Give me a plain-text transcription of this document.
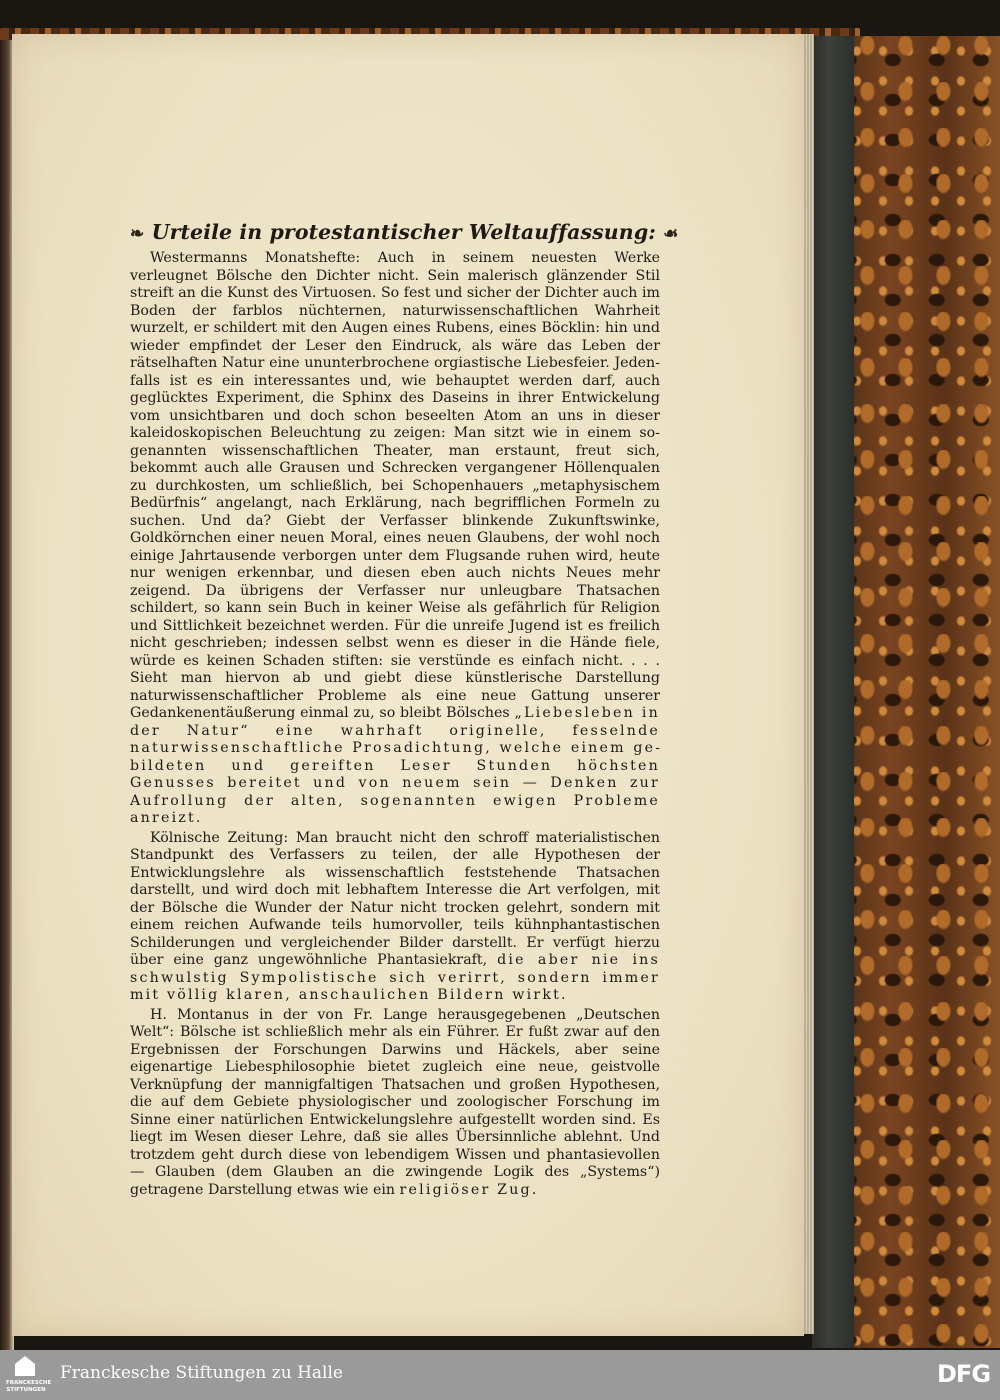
❧ Urteile in protestantischer Weltauffassung: ☙

Westermanns Monatshefte: Auch in seinem neuesten Werke verleugnet Bölsche den Dichter nicht. Sein malerisch glänzender Stil streift an die Kunst des Virtuosen. So fest und sicher der Dichter auch im Boden der farblos nüchternen, naturwissenschaftlichen Wahrheit wurzelt, er schildert mit den Augen eines Rubens, eines Böcklin: hin und wieder empfindet der Leser den Eindruck, als wäre das Leben der rätselhaften Natur eine ununterbrochene orgiastische Liebesfeier. Jedenfalls ist es ein interessantes und, wie behauptet werden darf, auch geglücktes Experiment, die Sphinx des Daseins in ihrer Entwickelung vom unsichtbaren und doch schon beseelten Atom an uns in dieser kaleidoskopischen Beleuchtung zu zeigen: Man sitzt wie in einem sogenannten wissenschaftlichen Theater, man erstaunt, freut sich, bekommt auch alle Grausen und Schrecken vergangener Höllenqualen zu durchkosten, um schließlich, bei Schopenhauers „metaphysischem Bedürfnis“ angelangt, nach Erklärung, nach begrifflichen Formeln zu suchen. Und da? Giebt der Verfasser blinkende Zukunftswinke, Goldkörnchen einer neuen Moral, eines neuen Glaubens, der wohl noch einige Jahrtausende verborgen unter dem Flugsande ruhen wird, heute nur wenigen erkennbar, und diesen eben auch nichts Neues mehr zeigend. Da übrigens der Verfasser nur unleugbare Thatsachen schildert, so kann sein Buch in keiner Weise als gefährlich für Religion und Sittlichkeit bezeichnet werden. Für die unreife Jugend ist es freilich nicht geschrieben; indessen selbst wenn es dieser in die Hände fiele, würde es keinen Schaden stiften: sie verstünde es einfach nicht. . . . Sieht man hiervon ab und giebt diese künstlerische Darstellung naturwissenschaftlicher Probleme als eine neue Gattung unserer Gedankenentäußerung einmal zu, so bleibt Bölsches „Liebesleben in der Natur“ eine wahrhaft originelle, fesselnde naturwissenschaftliche Prosadichtung, welche einem gebildeten und gereiften Leser Stunden höchsten Genusses bereitet und von neuem sein — Denken zur Aufrollung der alten, sogenannten ewigen Probleme anreizt.

Kölnische Zeitung: Man braucht nicht den schroff materialistischen Standpunkt des Verfassers zu teilen, der alle Hypothesen der Entwicklungslehre als wissenschaftlich feststehende Thatsachen darstellt, und wird doch mit lebhaftem Interesse die Art verfolgen, mit der Bölsche die Wunder der Natur nicht trocken gelehrt, sondern mit einem reichen Aufwande teils humorvoller, teils kühnphantastischen Schilderungen und vergleichender Bilder darstellt. Er verfügt hierzu über eine ganz ungewöhnliche Phantasiekraft, die aber nie ins schwulstig Sympolistische sich verirrt, sondern immer mit völlig klaren, anschaulichen Bildern wirkt.

H. Montanus in der von Fr. Lange herausgegebenen „Deutschen Welt“: Bölsche ist schließlich mehr als ein Führer. Er fußt zwar auf den Ergebnissen der Forschungen Darwins und Häckels, aber seine eigenartige Liebesphilosophie bietet zugleich eine neue, geistvolle Verknüpfung der mannigfaltigen Thatsachen und großen Hypothesen, die auf dem Gebiete physiologischer und zoologischer Forschung im Sinne einer natürlichen Entwickelungslehre aufgestellt worden sind. Es liegt im Wesen dieser Lehre, daß sie alles Übersinnliche ablehnt. Und trotzdem geht durch diese von lebendigem Wissen und phantasievollen — Glauben (dem Glauben an die zwingende Logik des „Systems“) getragene Darstellung etwas wie ein religiöser Zug.

FRANCKESCHE
STIFTUNGEN
Franckesche Stiftungen zu Halle	DFG
